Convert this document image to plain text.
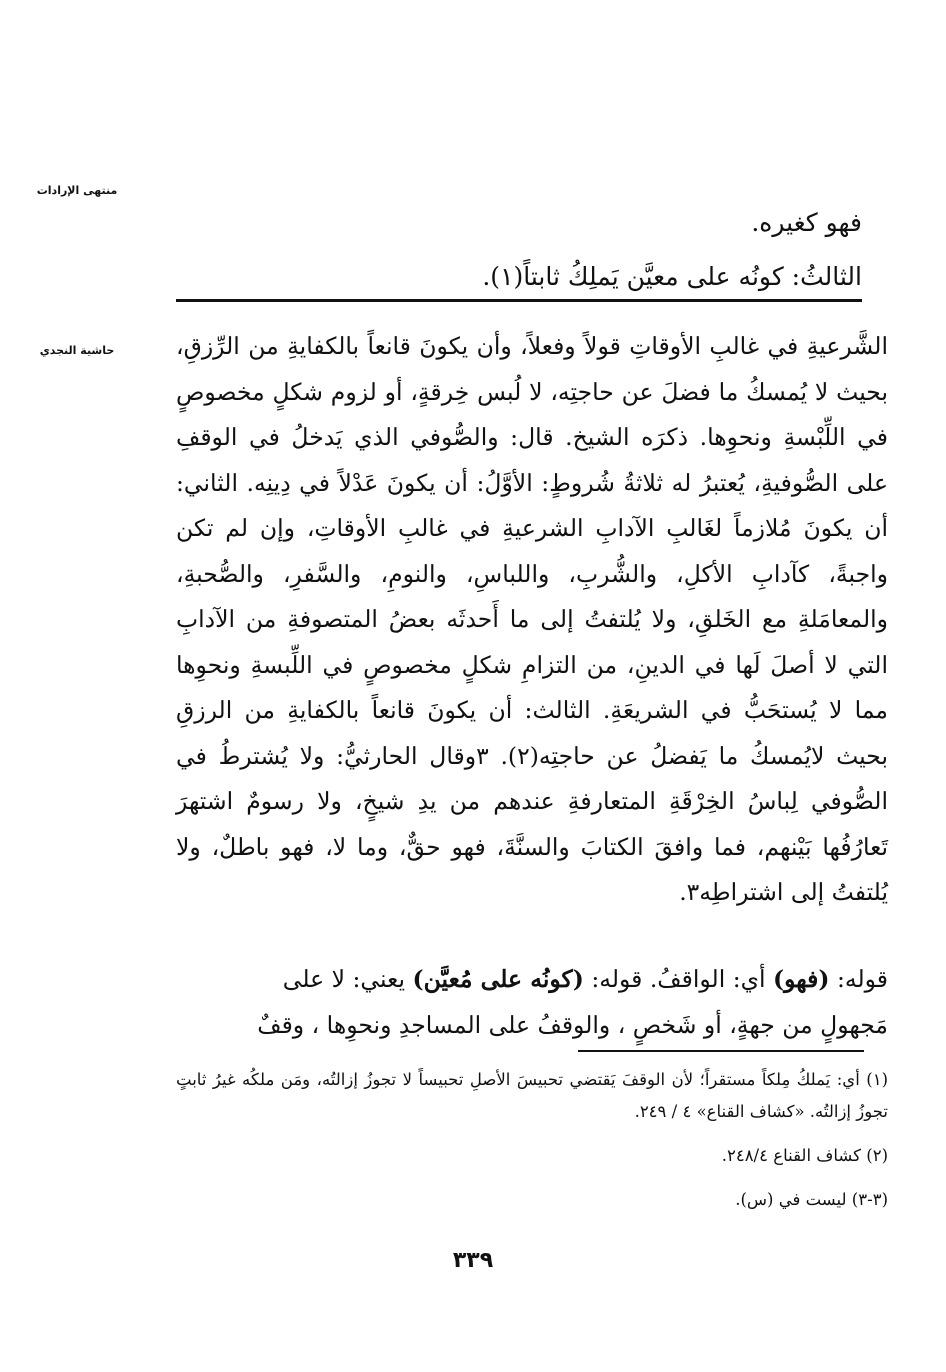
منتهى الإرادات
حاشية النجدي
فهو كغيره.
الثالثُ: كونُه على معيَّن يَملِكُ ثابتاً(١).

الشَّرعيةِ في غالبِ الأوقاتِ قولاً وفعلاً، وأن يكونَ قانعاً بالكفايةِ من الرِّزقِ، بحيث لا يُمسكُ ما فضلَ عن حاجتِه، لا لُبس خِرقةٍ، أو لزوم شكلٍ مخصوصٍ في اللِّبْسةِ ونحوِها. ذكرَه الشيخ. قال: والصُّوفي الذي يَدخلُ في الوقفِ على الصُّوفيةِ، يُعتبرُ له ثلاثةُ شُروطٍ: الأوَّلُ: أن يكونَ عَدْلاً في دِينِه. الثاني: أن يكونَ مُلازماً لغَالبِ الآدابِ الشرعيةِ في غالبِ الأوقاتِ، وإن لم تكن واجبةً، كآدابِ الأكلِ، والشُّربِ، واللباسِ، والنومِ، والسَّفرِ، والصُّحبةِ، والمعامَلةِ مع الخَلقِ، ولا يُلتفتُ إلى ما أَحدثَه بعضُ المتصوفةِ من الآدابِ التي لا أصلَ لَها في الدينِ، من التزامِ شكلٍ مخصوصٍ في اللِّبسةِ ونحوِها مما لا يُستحَبُّ في الشريعَةِ. الثالث: أن يكونَ قانعاً بالكفايةِ من الرزقِ بحيث لايُمسكُ ما يَفضلُ عن حاجتِه(٢). ٣وقال الحارثيُّ: ولا يُشترطُ في الصُّوفي لِباسُ الخِرْقَةِ المتعارفةِ عندهم من يدِ شيخٍ، ولا رسومٌ اشتهرَ تَعارُفُها بَيْنهم، فما وافقَ الكتابَ والسنَّةَ، فهو حقٌّ، وما لا، فهو باطلٌ، ولا يُلتفتُ إلى اشتراطِه٣.

قوله: (فهو) أي: الواقفُ. قوله: (كونُه على مُعيَّن) يعني: لا على

مَجهولٍ من جهةٍ، أو شَخصٍ ، والوقفُ على المساجدِ ونحوِها ، وقفٌ

(١) أي: يَملكُ مِلكاً مستقراً؛ لأن الوقفَ يَقتضي تحبيسَ الأصلِ تحبيساً لا تجوزُ إزالتُه، ومَن ملكُه غيرُ ثابتٍ تجوزُ إزالتُه. «كشاف القناع» ٤ / ٢٤٩.

(٢) كشاف القناع ٢٤٨/٤.

(٣-٣) ليست في (س).

٣٣٩
